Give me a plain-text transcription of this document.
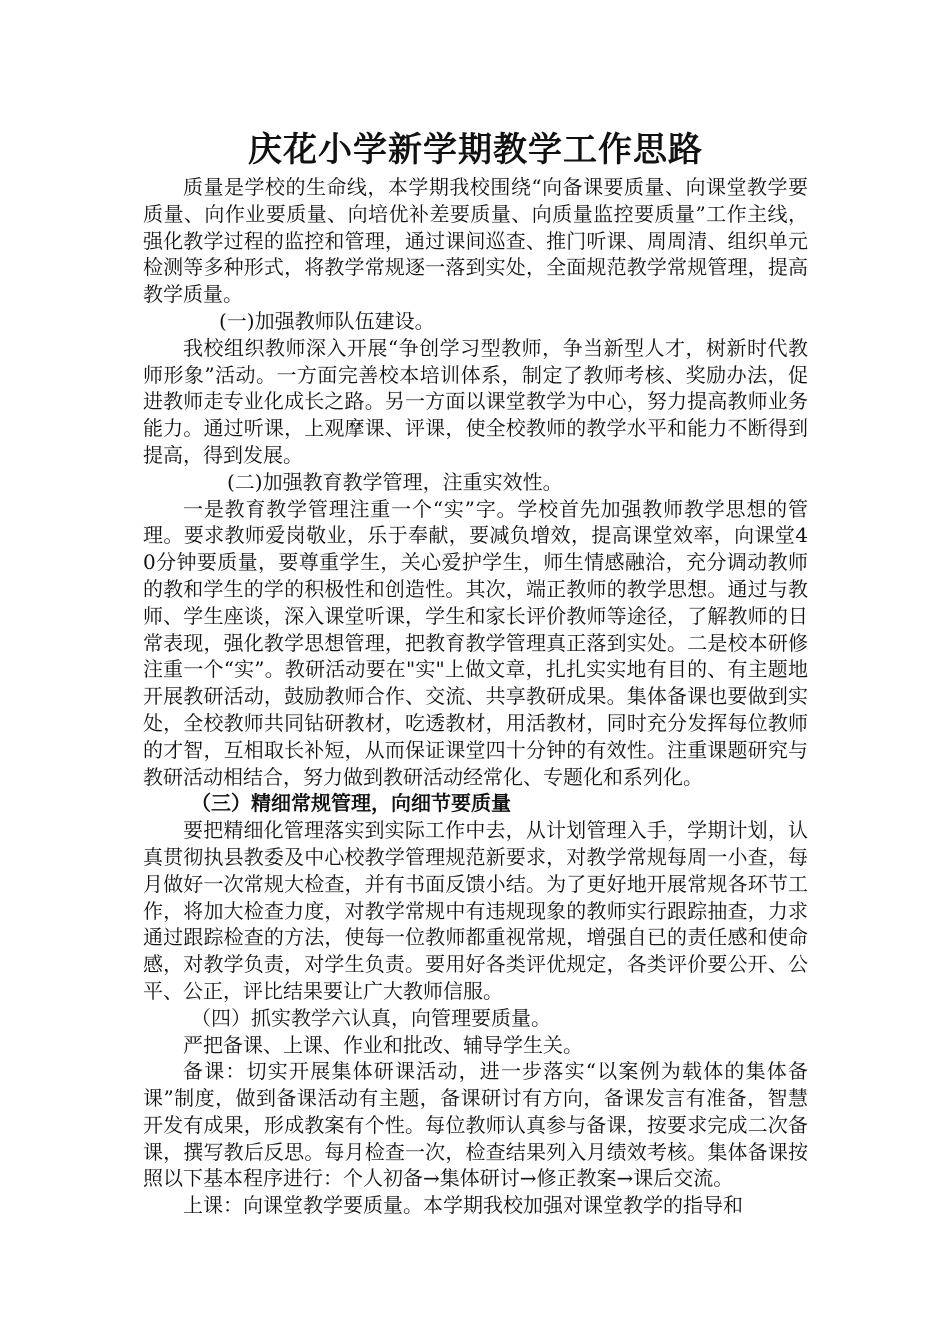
庆花小学新学期教学工作思路

质量是学校的生命线，本学期我校围绕“向备课要质量、向课堂教学要质量、向作业要质量、向培优补差要质量、向质量监控要质量”工作主线，强化教学过程的监控和管理，通过课间巡查、推门听课、周周清、组织单元检测等多种形式，将教学常规逐一落到实处，全面规范教学常规管理，提高教学质量。

(一)加强教师队伍建设。

我校组织教师深入开展“争创学习型教师，争当新型人才，树新时代教师形象”活动。一方面完善校本培训体系，制定了教师考核、奖励办法，促进教师走专业化成长之路。另一方面以课堂教学为中心，努力提高教师业务能力。通过听课，上观摩课、评课，使全校教师的教学水平和能力不断得到提高，得到发展。

(二)加强教育教学管理，注重实效性。

一是教育教学管理注重一个“实”字。学校首先加强教师教学思想的管理。要求教师爱岗敬业，乐于奉献，要减负增效，提高课堂效率，向课堂40分钟要质量，要尊重学生，关心爱护学生，师生情感融洽，充分调动教师的教和学生的学的积极性和创造性。其次，端正教师的教学思想。通过与教师、学生座谈，深入课堂听课，学生和家长评价教师等途径，了解教师的日常表现，强化教学思想管理，把教育教学管理真正落到实处。二是校本研修注重一个“实”。教研活动要在"实"上做文章，扎扎实实地有目的、有主题地开展教研活动，鼓励教师合作、交流、共享教研成果。集体备课也要做到实处，全校教师共同钻研教材，吃透教材，用活教材，同时充分发挥每位教师的才智，互相取长补短，从而保证课堂四十分钟的有效性。注重课题研究与教研活动相结合，努力做到教研活动经常化、专题化和系列化。

（三）精细常规管理，向细节要质量

要把精细化管理落实到实际工作中去，从计划管理入手，学期计划，认真贯彻执县教委及中心校教学管理规范新要求，对教学常规每周一小查，每月做好一次常规大检查，并有书面反馈小结。为了更好地开展常规各环节工作，将加大检查力度，对教学常规中有违规现象的教师实行跟踪抽查，力求通过跟踪检查的方法，使每一位教师都重视常规，增强自已的责任感和使命感，对教学负责，对学生负责。要用好各类评优规定，各类评价要公开、公平、公正，评比结果要让广大教师信服。

（四）抓实教学六认真，向管理要质量。

严把备课、上课、作业和批改、辅导学生关。

备课：切实开展集体研课活动，进一步落实“以案例为载体的集体备课”制度，做到备课活动有主题，备课研讨有方向，备课发言有准备，智慧开发有成果，形成教案有个性。每位教师认真参与备课，按要求完成二次备课，撰写教后反思。每月检查一次，检查结果列入月绩效考核。集体备课按照以下基本程序进行：个人初备→集体研讨→修正教案→课后交流。

上课：向课堂教学要质量。本学期我校加强对课堂教学的指导和
